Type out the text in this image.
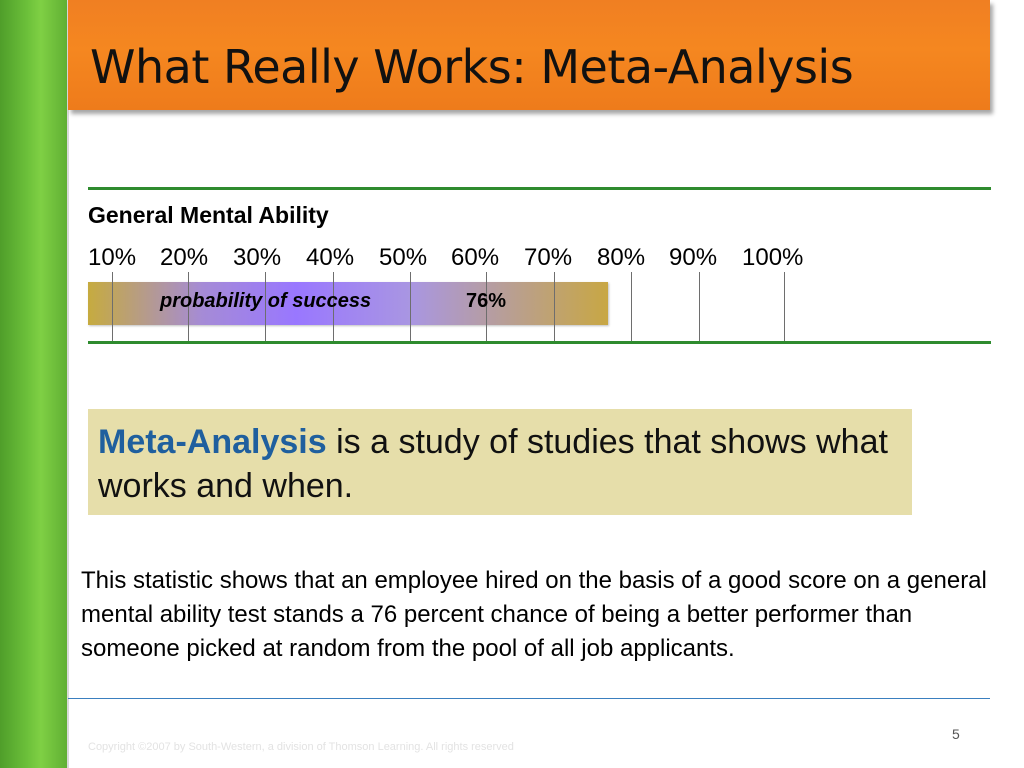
What Really Works: Meta-Analysis
General Mental Ability
10% 20% 30% 40% 50% 60% 70% 80% 90% 100%
probability of success	76%
Meta-Analysis is a study of studies that shows what works and when.
This statistic shows that an employee hired on the basis of a good score on a general mental ability test stands a 76 percent chance of being a better performer than someone picked at random from the pool of all job applicants.
5
Copyright ©2007 by South-Western, a division of Thomson Learning. All rights reserved
